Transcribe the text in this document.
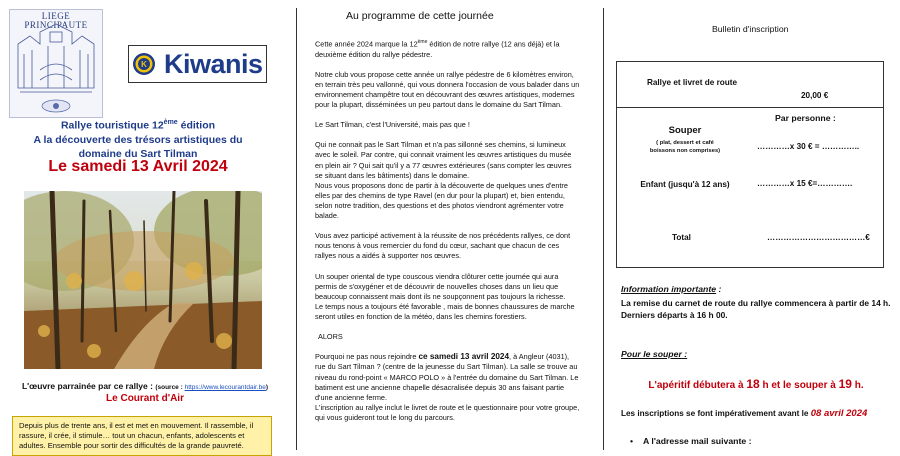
LIEGE PRINCIPAUTE
K Kiwanis
Rallye touristique 12ème édition
A la découverte des trésors artistiques du
domaine du Sart Tilman
Le samedi 13 Avril 2024
L'œuvre parrainée par ce rallye : (source : https://www.lecourantdair.be)
Le Courant d'Air
Depuis plus de trente ans, il est et met en mouvement. Il rassemble, il rassure, il crée, il stimule… tout un chacun, enfants, adolescents et adultes. Ensemble pour sortir des difficultés de la grande pauvreté.
Au programme de cette journée

Cette année 2024 marque la 12ème édition de notre rallye (12 ans déjà) et la deuxième édition du rallye pédestre.

Notre club vous propose cette année un rallye pédestre de 6 kilomètres environ, en terrain très peu vallonné, qui vous donnera l'occasion de vous balader dans un environnement champêtre tout en découvrant des œuvres artistiques, modernes pour la plupart, disséminées un peu partout dans le domaine du Sart Tilman.

Le Sart Tilman, c'est l'Université, mais pas que !

Qui ne connait pas le Sart Tilman et n'a pas sillonné ses chemins, si lumineux avec le soleil. Par contre, qui connait vraiment les œuvres artistiques du musée en plein air ? Qui sait qu'il y a 77 œuvres extérieures (sans compter les œuvres se situant dans les bâtiments) dans le domaine.

Nous vous proposons donc de partir à la découverte de quelques unes d'entre elles par des chemins de type Ravel (en dur pour la plupart) et, bien entendu, selon notre tradition, des questions et des photos viendront agrémenter votre balade.

Vous avez participé activement à la réussite de nos précédents rallyes, ce dont nous tenons à vous remercier du fond du cœur, sachant que chacun de ces rallyes nous a aidés à supporter nos œuvres.

Un souper oriental de type couscous viendra clôturer cette journée qui aura permis de s'oxygéner et de découvrir de nouvelles choses dans un lieu que beaucoup connaissent mais dont ils ne soupçonnent pas toujours la richesse.

Le temps nous a toujours été favorable , mais de bonnes chaussures de marche seront utiles en fonction de la météo, dans les chemins forestiers.

ALORS

Pourquoi ne pas nous rejoindre ce samedi 13 avril 2024, à Angleur (4031), rue du Sart Tilman ? (centre de la jeunesse du Sart Tilman). La salle se trouve au niveau du rond-point « MARCO POLO » à l'entrée du domaine du Sart Tilman. Le batiment est une ancienne chapelle désacralisée depuis 30 ans faisant partie d'une ancienne ferme.

L'inscription au rallye inclut le livret de route et le questionnaire pour votre groupe, qui vous guideront tout le long du parcours.

Bulletin d'inscription
Rallye et livret de route
20,00 €
Par personne :
Souper
( plat, dessert et café
boissons non comprises)	…………x 30 € = …………..
Enfant (jusqu'à 12 ans)	…………x 15 €=………….
Total	………………………………€
Information importante :
La remise du carnet de route du rallye commencera à partir de 14 h.
Derniers départs à 16 h 00.
Pour le souper :
L'apéritif débutera à 18 h et le souper à 19 h.
Les inscriptions se font impérativement avant le 08 avril 2024
• A l'adresse mail suivante :
